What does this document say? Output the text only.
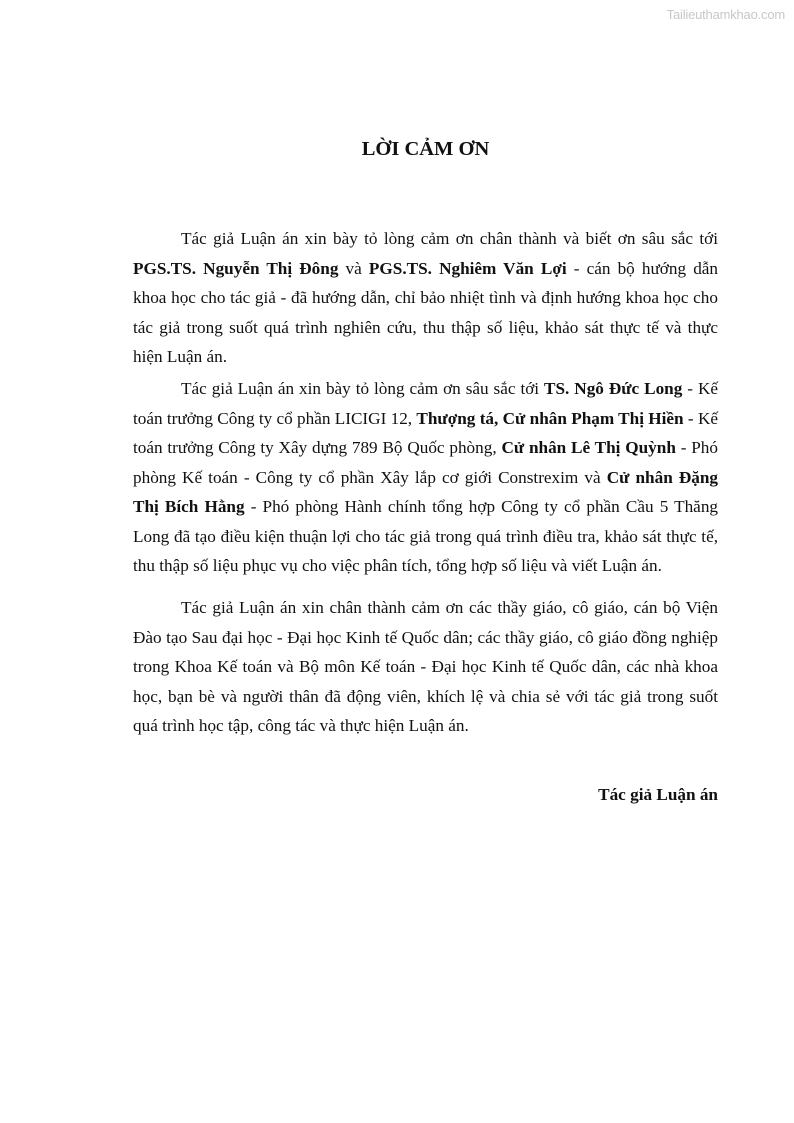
Tailieuthamkhao.com
LỜI CẢM ƠN

Tác giả Luận án xin bày tỏ lòng cảm ơn chân thành và biết ơn sâu sắc tới PGS.TS. Nguyễn Thị Đông và PGS.TS. Nghiêm Văn Lợi - cán bộ hướng dẫn khoa học cho tác giả - đã hướng dẫn, chỉ bảo nhiệt tình và định hướng khoa học cho tác giả trong suốt quá trình nghiên cứu, thu thập số liệu, khảo sát thực tế và thực hiện Luận án.

Tác giả Luận án xin bày tỏ lòng cảm ơn sâu sắc tới TS. Ngô Đức Long - Kế toán trưởng Công ty cổ phần LICIGI 12, Thượng tá, Cử nhân Phạm Thị Hiền - Kế toán trưởng Công ty Xây dựng 789 Bộ Quốc phòng, Cử nhân Lê Thị Quỳnh - Phó phòng Kế toán - Công ty cổ phần Xây lắp cơ giới Constrexim và Cử nhân Đặng Thị Bích Hằng - Phó phòng Hành chính tổng hợp Công ty cổ phần Cầu 5 Thăng Long đã tạo điều kiện thuận lợi cho tác giả trong quá trình điều tra, khảo sát thực tế, thu thập số liệu phục vụ cho việc phân tích, tổng hợp số liệu và viết Luận án.

Tác giả Luận án xin chân thành cảm ơn các thầy giáo, cô giáo, cán bộ Viện Đào tạo Sau đại học - Đại học Kinh tế Quốc dân; các thầy giáo, cô giáo đồng nghiệp trong Khoa Kế toán và Bộ môn Kế toán - Đại học Kinh tế Quốc dân, các nhà khoa học, bạn bè và người thân đã động viên, khích lệ và chia sẻ với tác giả trong suốt quá trình học tập, công tác và thực hiện Luận án.

Tác giả Luận án
